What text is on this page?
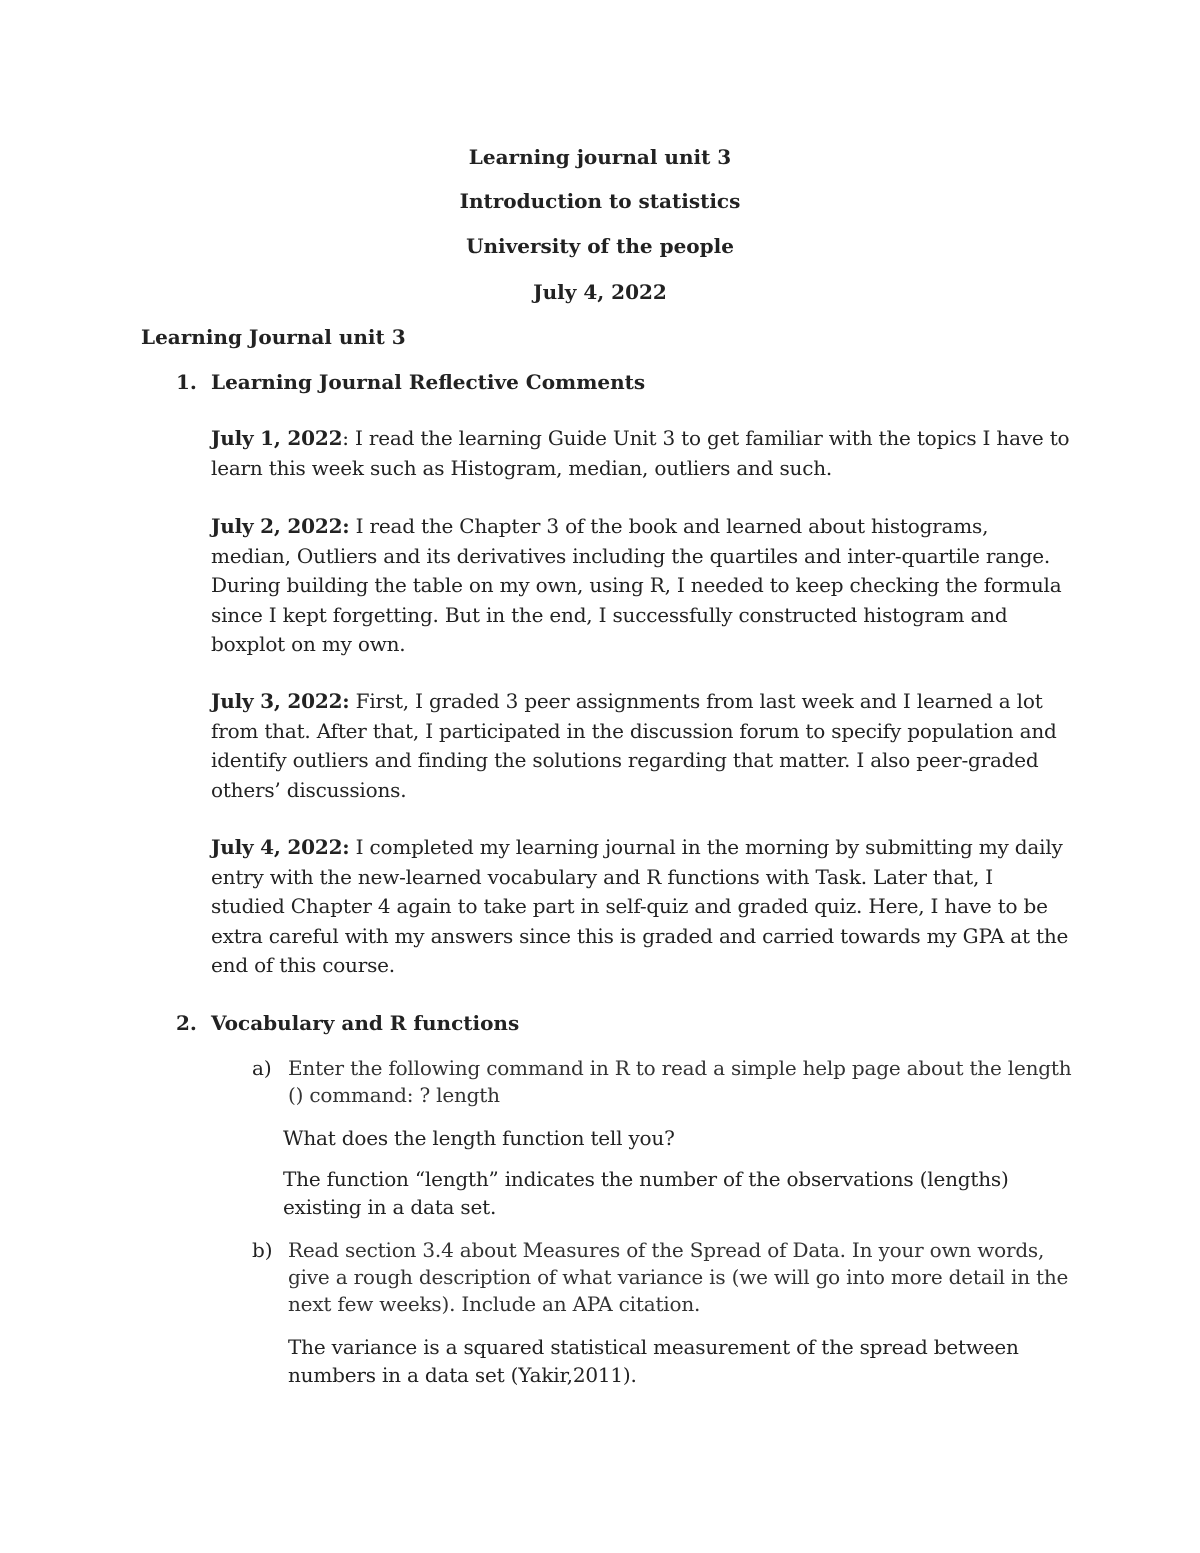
Learning journal unit 3
Introduction to statistics
University of the people
July 4, 2022
Learning Journal unit 3
1. Learning Journal Reflective Comments
July 1, 2022: I read the learning Guide Unit 3 to get familiar with the topics I have to learn this week such as Histogram, median, outliers and such.
July 2, 2022: I read the Chapter 3 of the book and learned about histograms, median, Outliers and its derivatives including the quartiles and inter-quartile range. During building the table on my own, using R, I needed to keep checking the formula since I kept forgetting. But in the end, I successfully constructed histogram and boxplot on my own.
July 3, 2022: First, I graded 3 peer assignments from last week and I learned a lot from that. After that, I participated in the discussion forum to specify population and identify outliers and finding the solutions regarding that matter. I also peer-graded others’ discussions.
July 4, 2022: I completed my learning journal in the morning by submitting my daily entry with the new-learned vocabulary and R functions with Task. Later that, I studied Chapter 4 again to take part in self-quiz and graded quiz. Here, I have to be extra careful with my answers since this is graded and carried towards my GPA at the end of this course.
2. Vocabulary and R functions
a) Enter the following command in R to read a simple help page about the length () command: ? length
What does the length function tell you?
The function “length” indicates the number of the observations (lengths) existing in a data set.
b) Read section 3.4 about Measures of the Spread of Data. In your own words, give a rough description of what variance is (we will go into more detail in the next few weeks). Include an APA citation.
The variance is a squared statistical measurement of the spread between numbers in a data set (Yakir,2011).
